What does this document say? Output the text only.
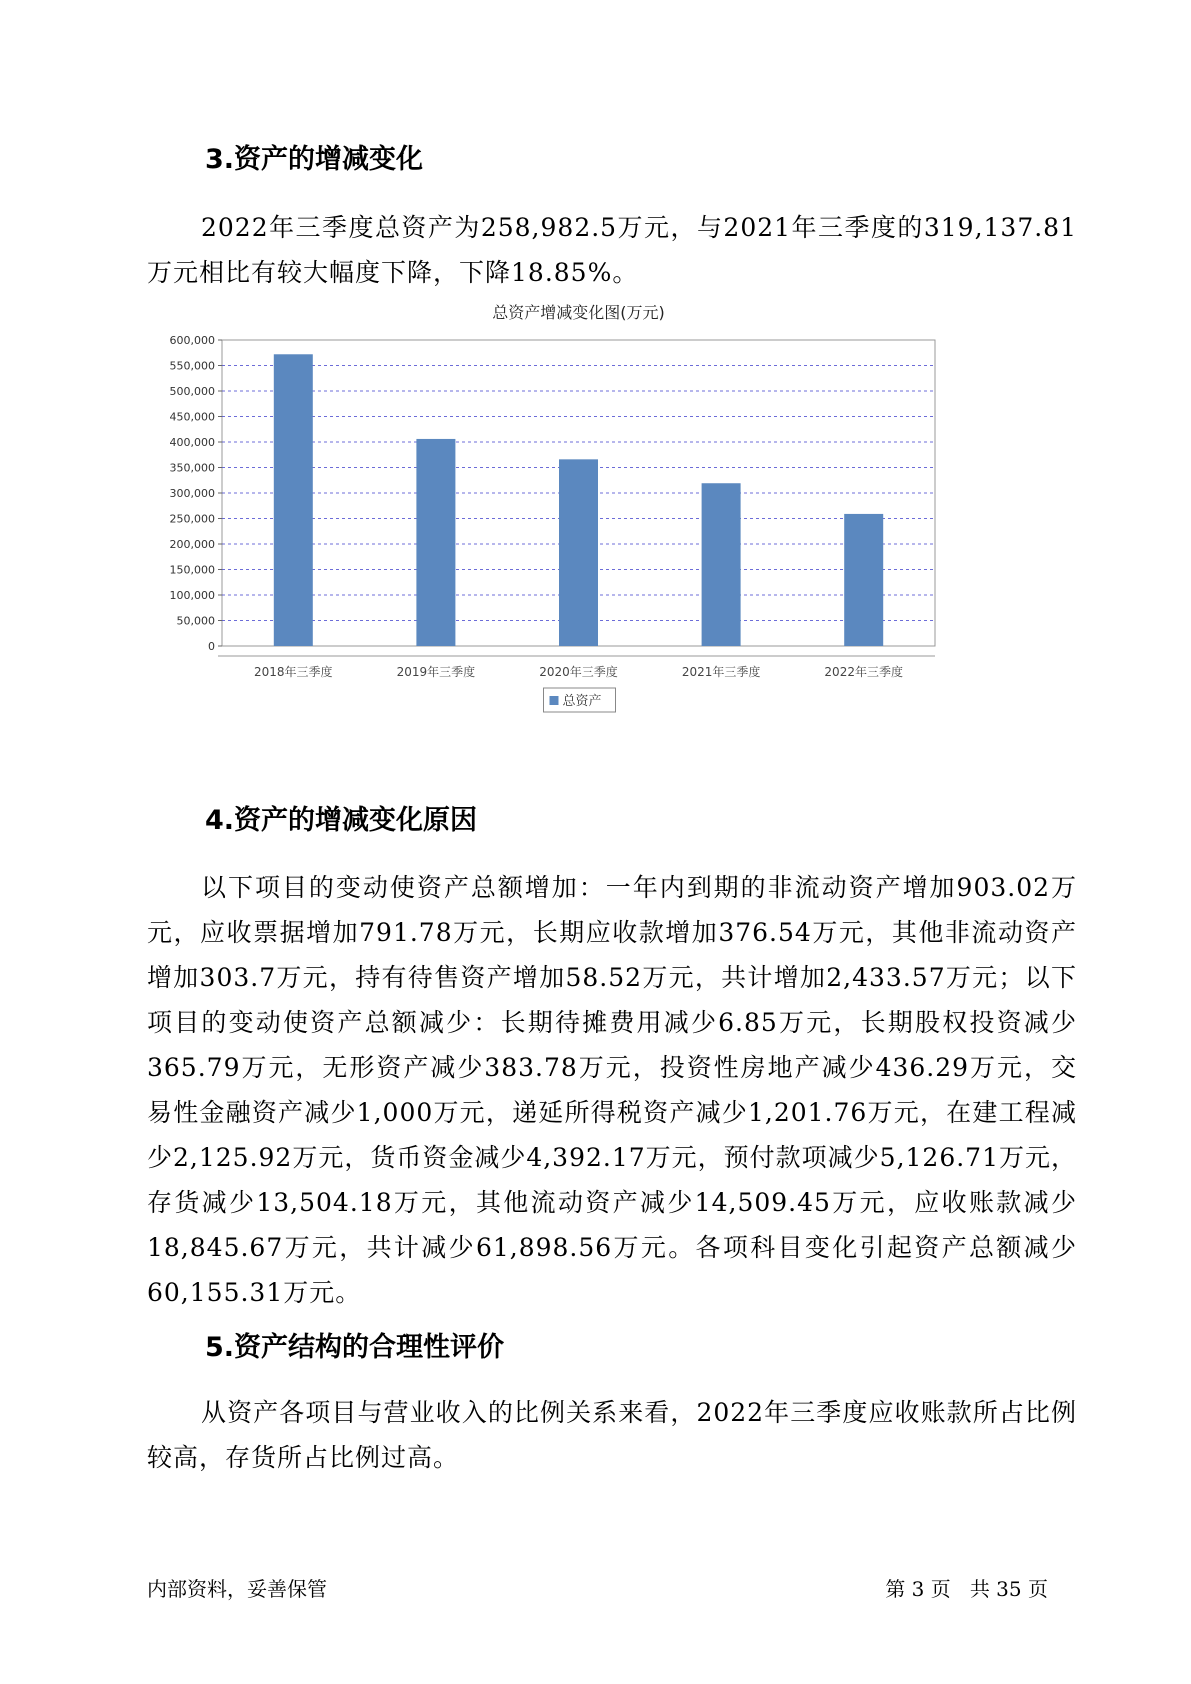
3.资产的增减变化

2022年三季度总资产为258,982.5万元，与2021年三季度的319,137.81万元相比有较大幅度下降，下降18.85%。

总资产增减变化图(万元)
0
50,000
100,000
150,000
200,000
250,000
300,000
350,000
400,000
450,000
500,000
550,000
600,000
2018年三季度	2019年三季度	2020年三季度	2021年三季度	2022年三季度
总资产
4.资产的增减变化原因

以下项目的变动使资产总额增加：一年内到期的非流动资产增加903.02万元，应收票据增加791.78万元，长期应收款增加376.54万元，其他非流动资产增加303.7万元，持有待售资产增加58.52万元，共计增加2,433.57万元；以下项目的变动使资产总额减少：长期待摊费用减少6.85万元，长期股权投资减少365.79万元，无形资产减少383.78万元，投资性房地产减少436.29万元，交易性金融资产减少1,000万元，递延所得税资产减少1,201.76万元，在建工程减少2,125.92万元，货币资金减少4,392.17万元，预付款项减少5,126.71万元，存货减少13,504.18万元，其他流动资产减少14,509.45万元，应收账款减少18,845.67万元，共计减少61,898.56万元。各项科目变化引起资产总额减少60,155.31万元。

5.资产结构的合理性评价

从资产各项目与营业收入的比例关系来看，2022年三季度应收账款所占比例较高，存货所占比例过高。

内部资料，妥善保管	第 3 页   共 35 页
